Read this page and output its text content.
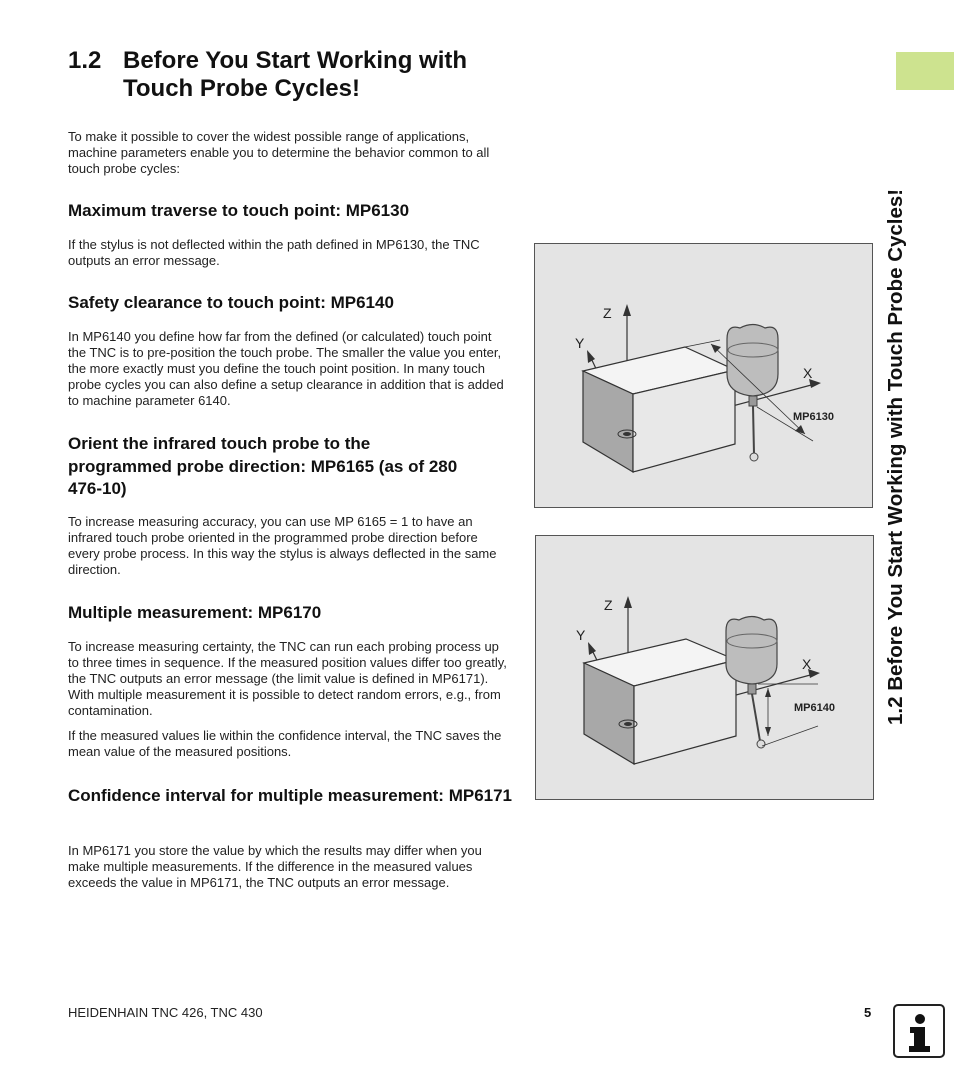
1.2 Before You Start Working with
Touch Probe Cycles!

To make it possible to cover the widest possible range of applications, machine parameters enable you to determine the behavior common to all touch probe cycles:

Maximum traverse to touch point: MP6130

If the stylus is not deflected within the path defined in MP6130, the TNC outputs an error message.

Safety clearance to touch point: MP6140

In MP6140 you define how far from the defined (or calculated) touch point the TNC is to pre-position the touch probe. The smaller the value you enter, the more exactly must you define the touch point position. In many touch probe cycles you can also define a setup clearance in addition that is added to machine parameter 6140.

Orient the infrared touch probe to the programmed probe direction: MP6165 (as of 280 476-10)

To increase measuring accuracy, you can use MP 6165 = 1 to have an infrared touch probe oriented in the programmed probe direction before every probe process. In this way the stylus is always deflected in the same direction.

Multiple measurement: MP6170

To increase measuring certainty, the TNC can run each probing process up to three times in sequence. If the measured position values differ too greatly, the TNC outputs an error message (the limit value is defined in MP6171). With multiple measurement it is possible to detect random errors, e.g., from contamination.

If the measured values lie within the confidence interval, the TNC saves the mean value of the measured positions.

Confidence interval for multiple measurement: MP6171

In MP6171 you store the value by which the results may differ when you make multiple measurements. If the difference in the measured values exceeds the value in MP6171, the TNC outputs an error message.

Z
Y
X
MP6130
Z
Y
X
MP6140	1.2 Before You Start Working with Touch Probe Cycles!
HEIDENHAIN TNC 426, TNC 430	5
